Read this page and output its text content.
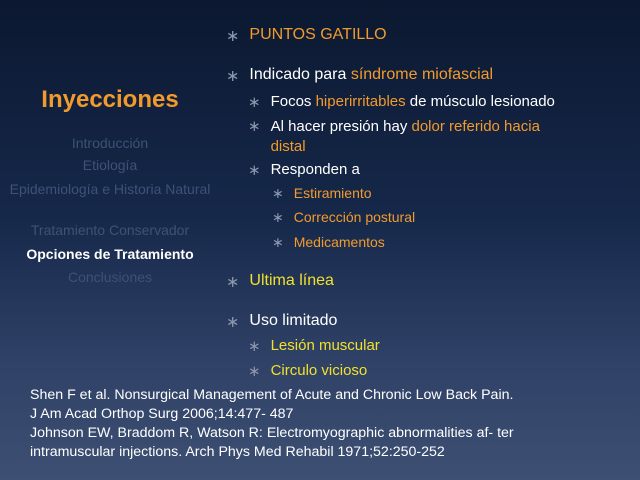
Inyecciones
Introducción
Etiología
Epidemiología e Historia Natural
Tratamiento Conservador
Opciones de Tratamiento
Conclusiones
∗ PUNTOS GATILLO
∗ Indicado para síndrome miofascial
∗ Focos hiperirritables de músculo lesionado
∗ Al hacer presión hay dolor referido hacia
distal
∗ Responden a
∗ Estiramiento
∗ Corrección postural
∗ Medicamentos
∗ Ultima línea
∗ Uso limitado
∗ Lesión muscular
∗ Circulo vicioso
Shen F et al. Nonsurgical Management of Acute and Chronic Low Back Pain.
J Am Acad Orthop Surg 2006;14:477- 487
Johnson EW, Braddom R, Watson R: Electromyographic abnormalities af- ter
intramuscular injections. Arch Phys Med Rehabil 1971;52:250-252
